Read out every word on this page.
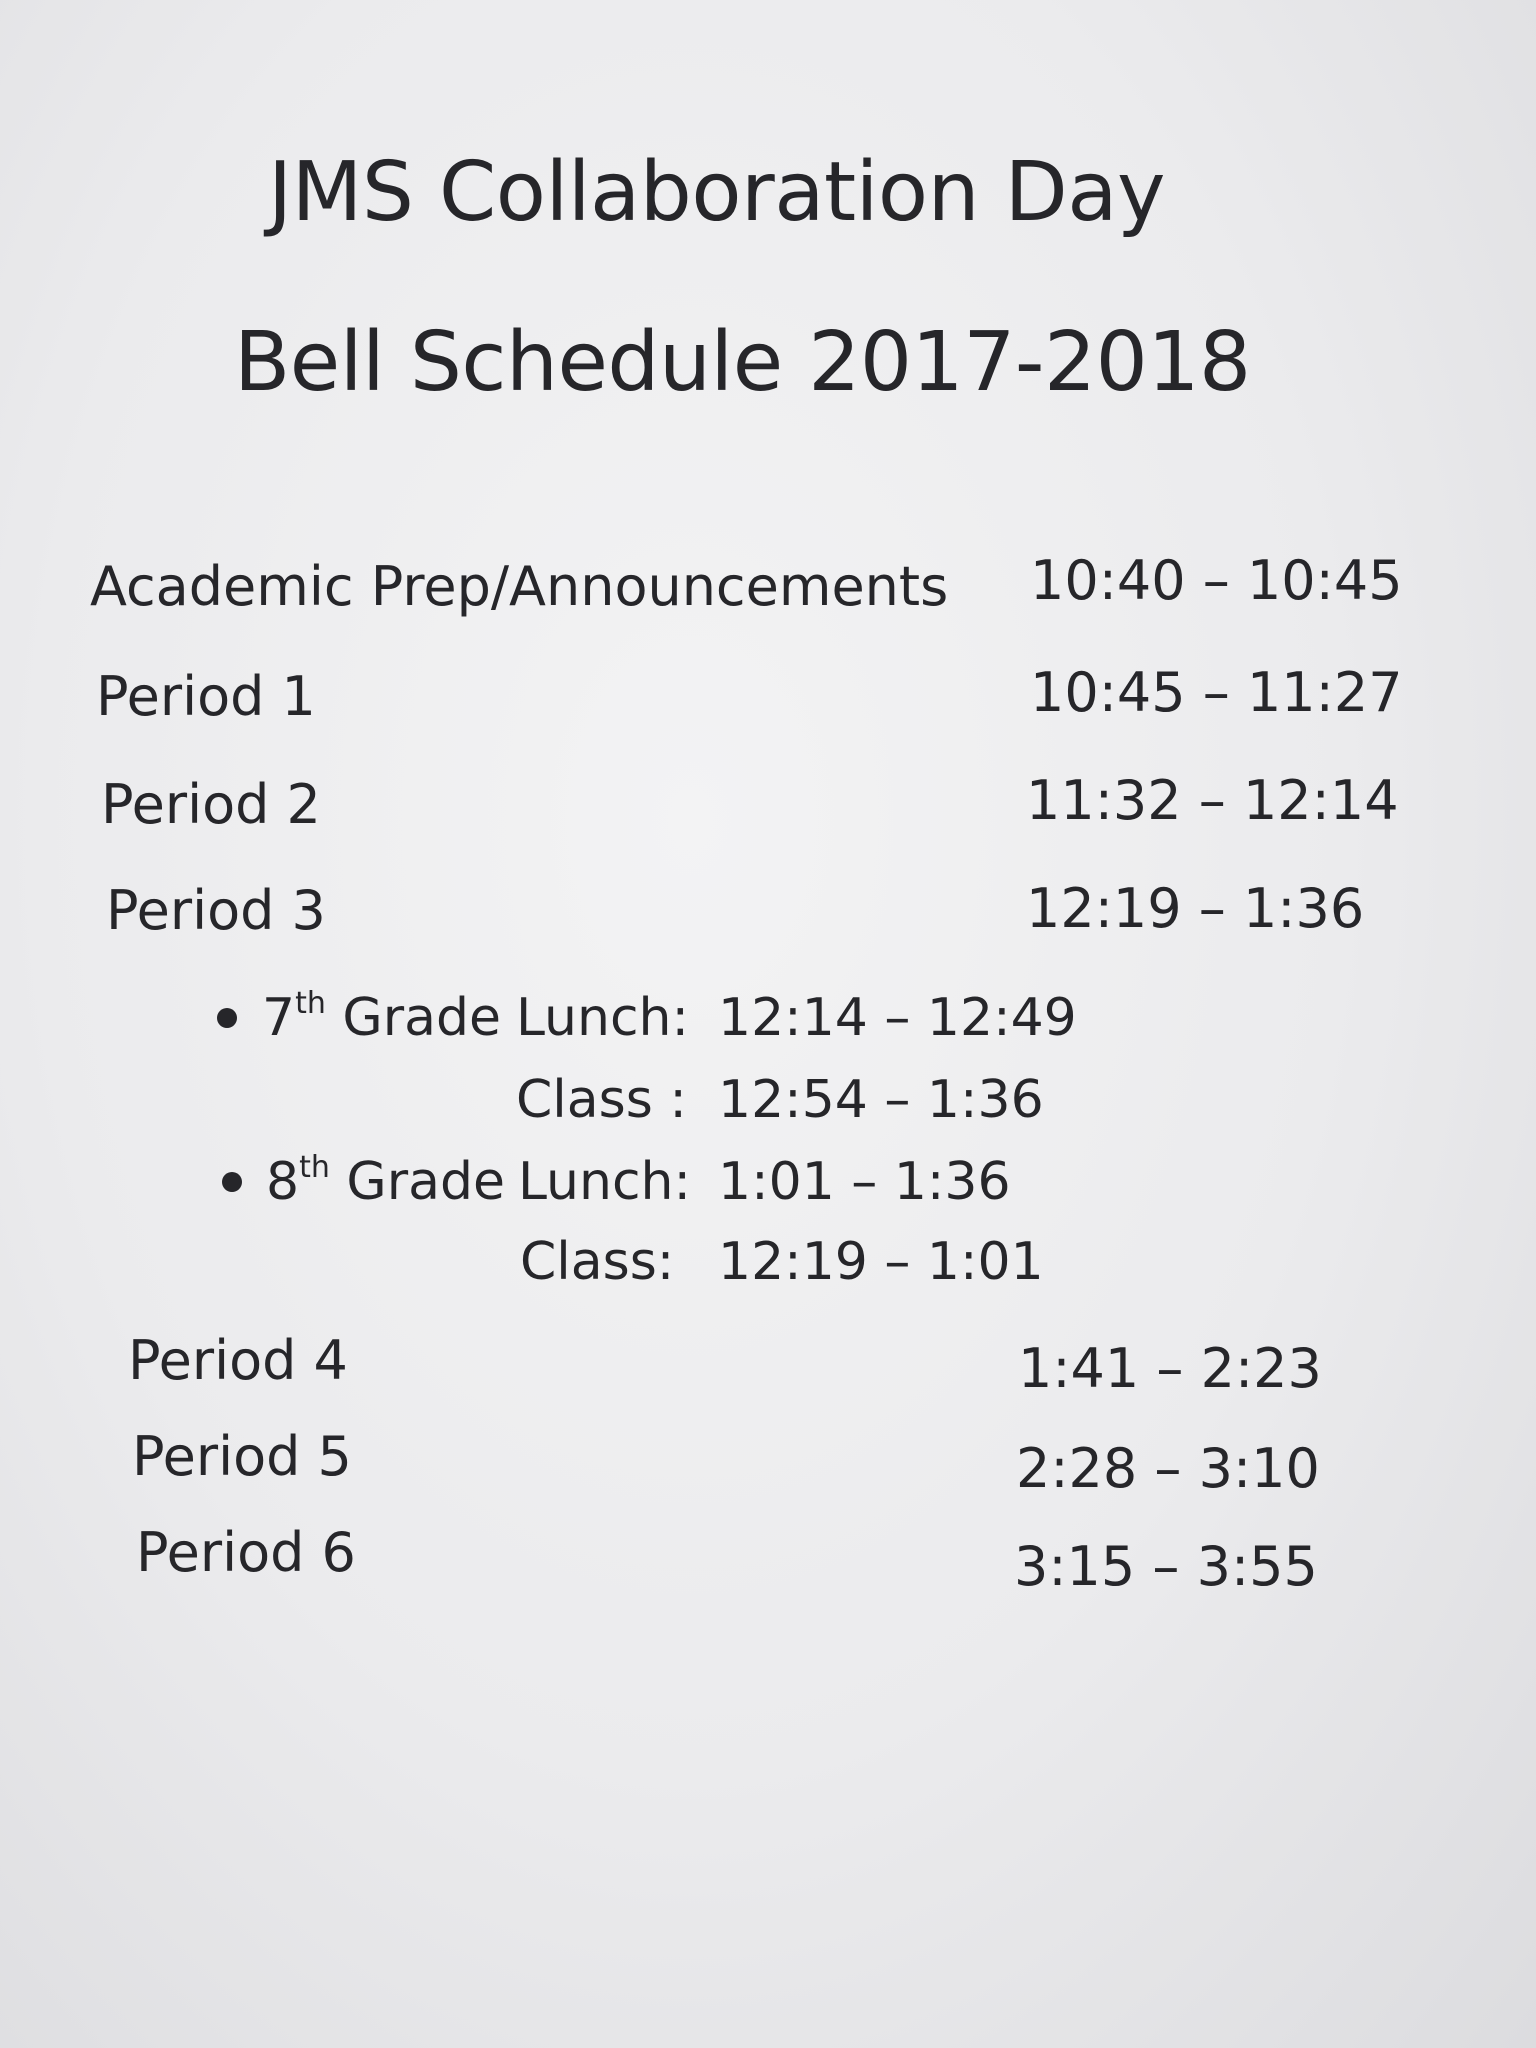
JMS Collaboration Day
Bell Schedule 2017-2018
Academic Prep/Announcements 10:40 – 10:45
Period 1	10:45 – 11:27
Period 2	11:32 – 12:14
Period 3	12:19 – 1:36
7th Grade Lunch: 12:14 – 12:49
Class : 12:54 – 1:36
8th Grade Lunch: 1:01 – 1:36
Class: 12:19 – 1:01
Period 4	1:41 – 2:23
Period 5	2:28 – 3:10
Period 6	3:15 – 3:55
